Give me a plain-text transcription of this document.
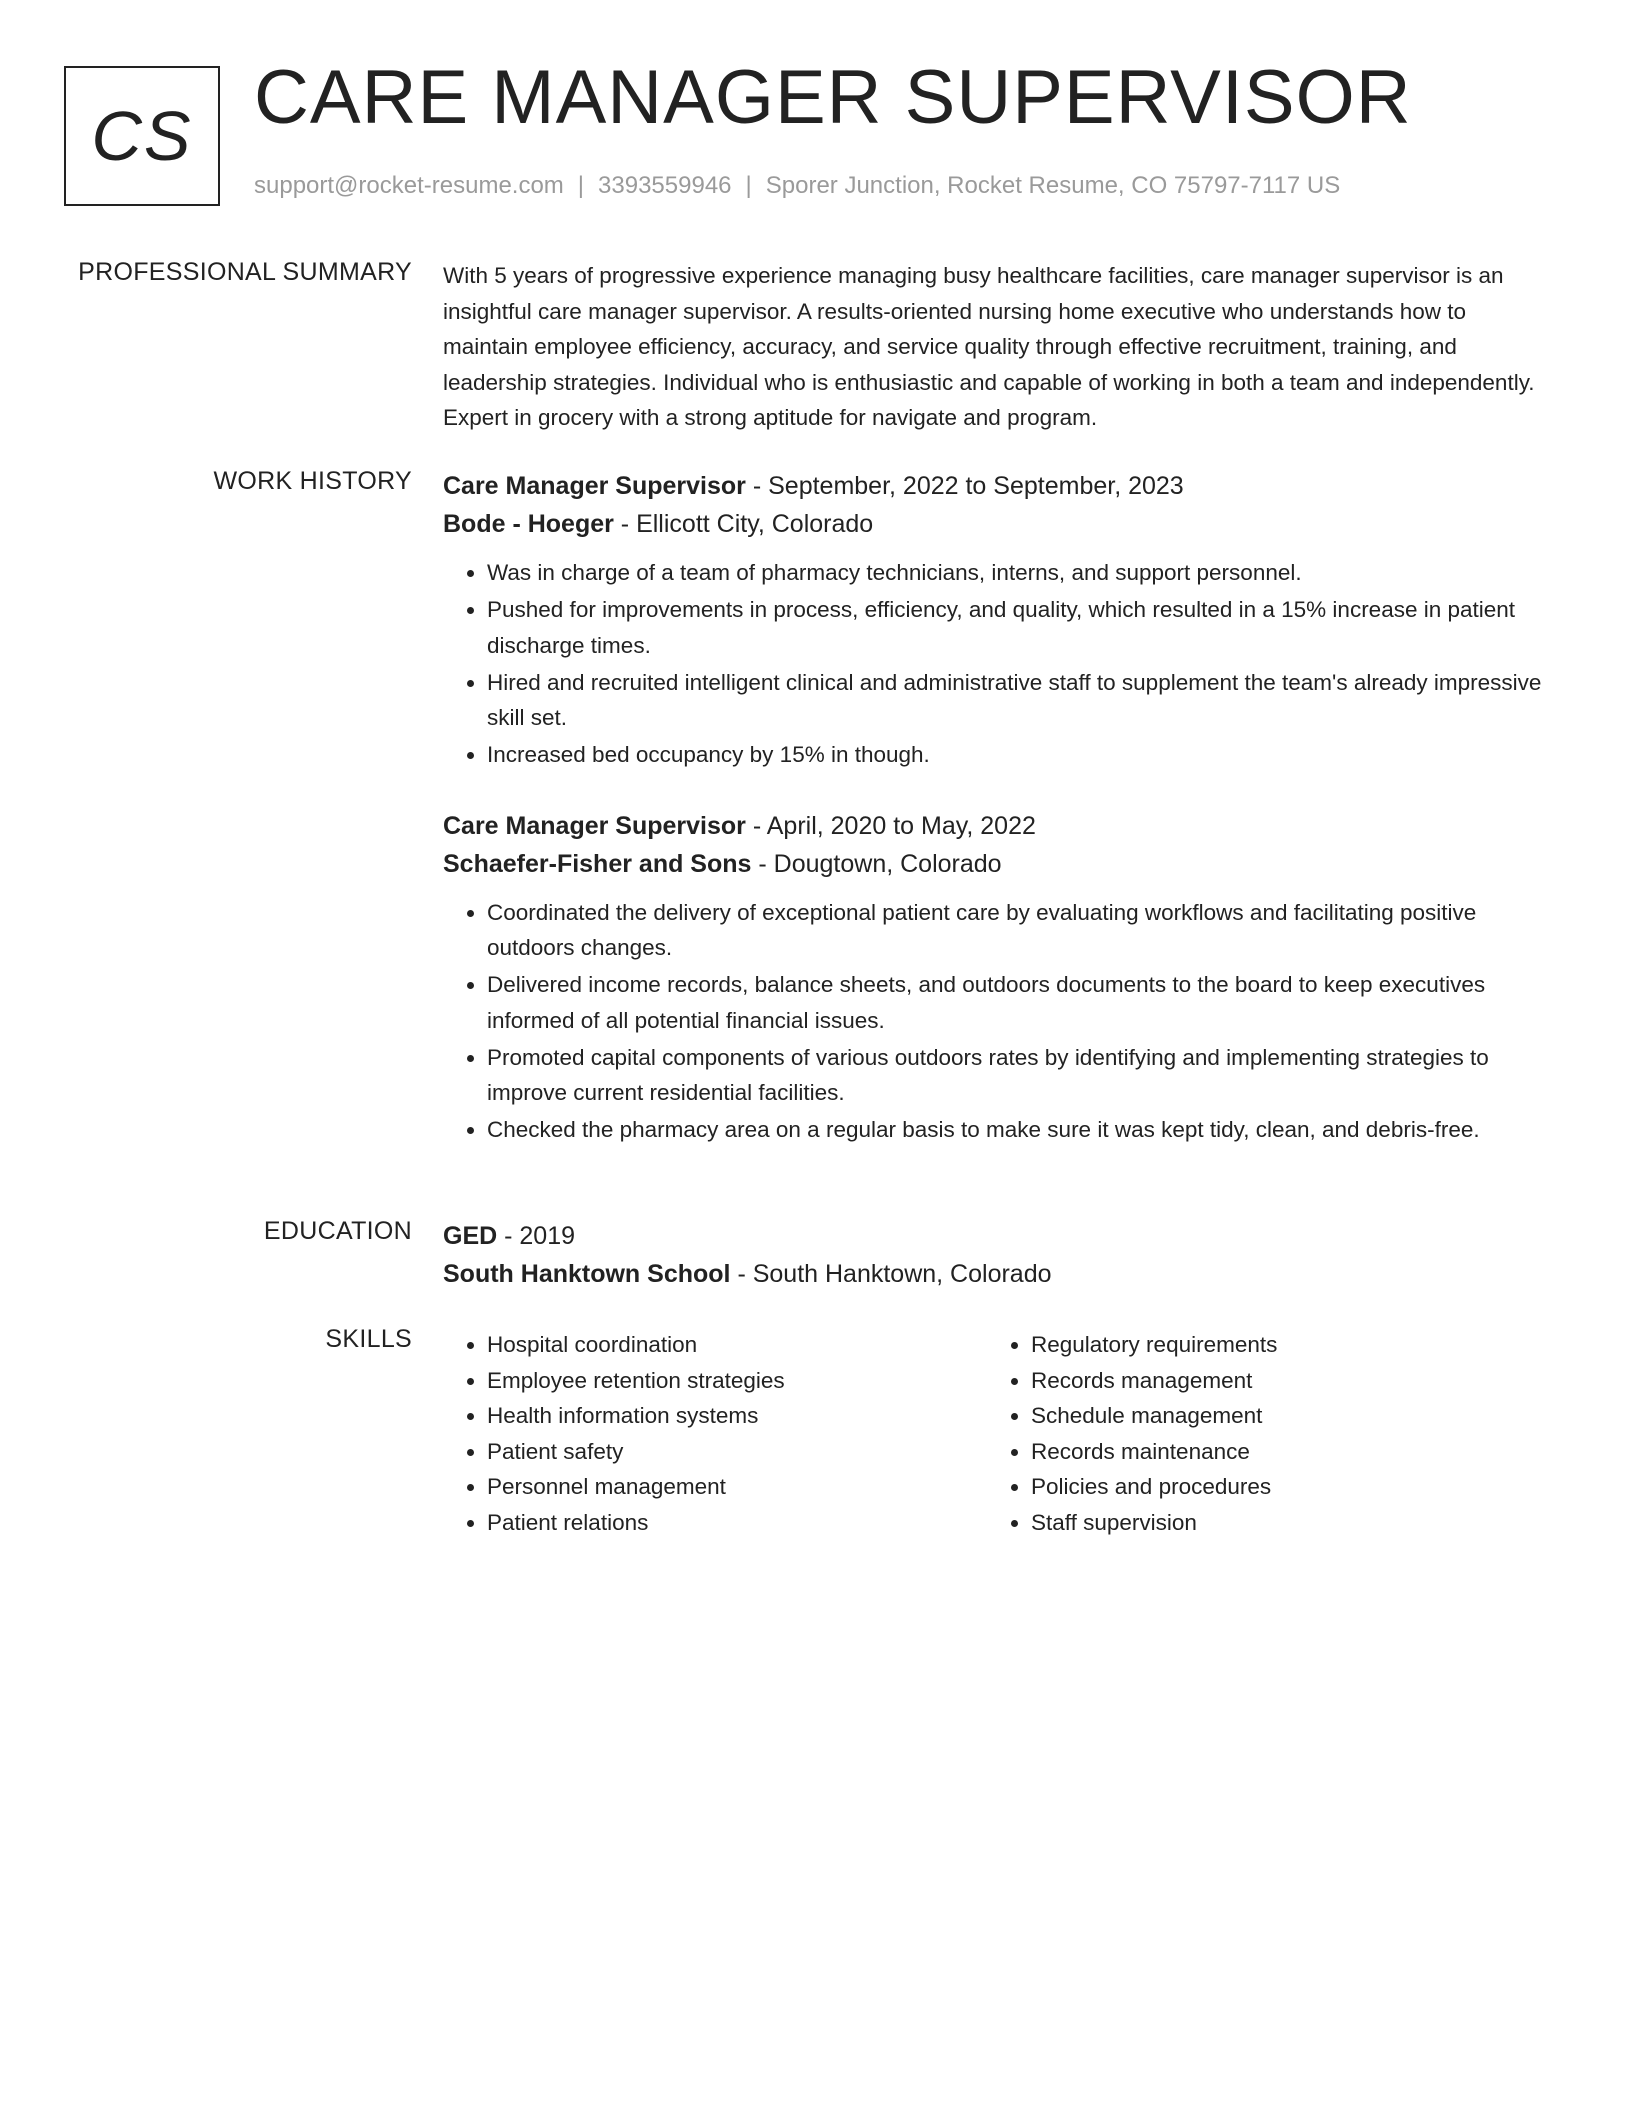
CS CARE MANAGER SUPERVISOR
support@rocket-resume.com | 3393559946 | Sporer Junction, Rocket Resume, CO 75797-7117 US
PROFESSIONAL SUMMARY With 5 years of progressive experience managing busy healthcare facilities, care manager supervisor is an insightful care manager supervisor. A results-oriented nursing home executive who understands how to maintain employee efficiency, accuracy, and service quality through effective recruitment, training, and leadership strategies. Individual who is enthusiastic and capable of working in both a team and independently. Expert in grocery with a strong aptitude for navigate and program.
WORK HISTORY Care Manager Supervisor - September, 2022 to September, 2023
Bode - Hoeger - Ellicott City, Colorado
• Was in charge of a team of pharmacy technicians, interns, and support personnel.
• Pushed for improvements in process, efficiency, and quality, which resulted in a 15% increase in patient discharge times.
• Hired and recruited intelligent clinical and administrative staff to supplement the team's already impressive skill set.
• Increased bed occupancy by 15% in though.
Care Manager Supervisor - April, 2020 to May, 2022
Schaefer-Fisher and Sons - Dougtown, Colorado
• Coordinated the delivery of exceptional patient care by evaluating workflows and facilitating positive outdoors changes.
• Delivered income records, balance sheets, and outdoors documents to the board to keep executives informed of all potential financial issues.
• Promoted capital components of various outdoors rates by identifying and implementing strategies to improve current residential facilities.
• Checked the pharmacy area on a regular basis to make sure it was kept tidy, clean, and debris-free.
EDUCATION GED - 2019
South Hanktown School - South Hanktown, Colorado
SKILLS
•	Hospital coordination
• Employee retention strategies
• Health information systems
• Patient safety
• Personnel management
• Patient relations
• Regulatory requirements
• Records management
• Schedule management
• Records maintenance
• Policies and procedures
• Staff supervision
